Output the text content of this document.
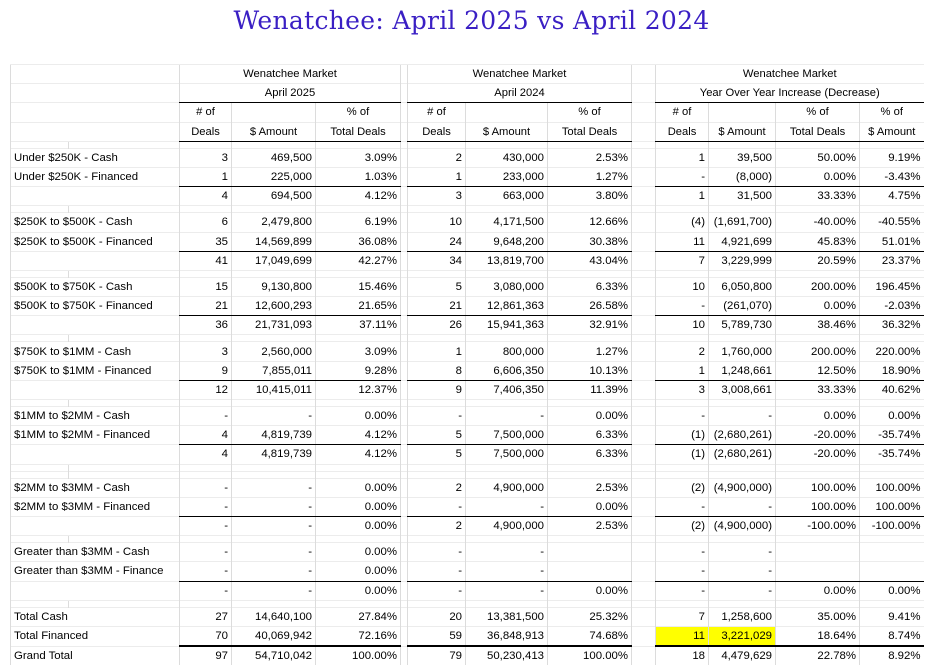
Wenatchee: April 2025 vs April 2024
		Wenatchee Market				Wenatchee Market				Wenatchee Market			
		April 2025				April 2024				Year Over Year Increase (Decrease)			
		# of		% of		# of		% of		# of		% of	% of
		Deals	$ Amount	Total Deals		Deals	$ Amount	Total Deals		Deals	$ Amount	Total Deals	$ Amount

Under $250K - Cash		3	469,500	3.09%		2	430,000	2.53%		1	39,500	50.00%	9.19%
Under $250K - Financed		1	225,000	1.03%		1	233,000	1.27%		-	(8,000)	0.00%	-3.43%
		4	694,500	4.12%		3	663,000	3.80%		1	31,500	33.33%	4.75%

$250K to $500K - Cash		6	2,479,800	6.19%		10	4,171,500	12.66%		(4)	(1,691,700)	-40.00%	-40.55%
$250K to $500K - Financed		35	14,569,899	36.08%		24	9,648,200	30.38%		11	4,921,699	45.83%	51.01%
		41	17,049,699	42.27%		34	13,819,700	43.04%		7	3,229,999	20.59%	23.37%

$500K to $750K - Cash		15	9,130,800	15.46%		5	3,080,000	6.33%		10	6,050,800	200.00%	196.45%
$500K to $750K - Financed		21	12,600,293	21.65%		21	12,861,363	26.58%		-	(261,070)	0.00%	-2.03%
		36	21,731,093	37.11%		26	15,941,363	32.91%		10	5,789,730	38.46%	36.32%

$750K to $1MM - Cash		3	2,560,000	3.09%		1	800,000	1.27%		2	1,760,000	200.00%	220.00%
$750K to $1MM - Financed		9	7,855,011	9.28%		8	6,606,350	10.13%		1	1,248,661	12.50%	18.90%
		12	10,415,011	12.37%		9	7,406,350	11.39%		3	3,008,661	33.33%	40.62%

$1MM to $2MM - Cash		-	-	0.00%		-	-	0.00%		-	-	0.00%	0.00%
$1MM to $2MM - Financed		4	4,819,739	4.12%		5	7,500,000	6.33%		(1)	(2,680,261)	-20.00%	-35.74%
		4	4,819,739	4.12%		5	7,500,000	6.33%		(1)	(2,680,261)	-20.00%	-35.74%

$2MM to $3MM - Cash		-	-	0.00%		2	4,900,000	2.53%		(2)	(4,900,000)	100.00%	100.00%
$2MM to $3MM - Financed		-	-	0.00%		-	-	0.00%		-	-	100.00%	100.00%
		-	-	0.00%		2	4,900,000	2.53%		(2)	(4,900,000)	-100.00%	-100.00%

Greater than $3MM - Cash		-	-	0.00%		-	-			-	-		
Greater than $3MM - Finance		-	-	0.00%		-	-			-	-		
		-	-	0.00%		-	-	0.00%		-	-	0.00%	0.00%

Total Cash		27	14,640,100	27.84%		20	13,381,500	25.32%		7	1,258,600	35.00%	9.41%
Total Financed		70	40,069,942	72.16%		59	36,848,913	74.68%		11	3,221,029	18.64%	8.74%
Grand Total		97	54,710,042	100.00%		79	50,230,413	100.00%		18	4,479,629	22.78%	8.92%
